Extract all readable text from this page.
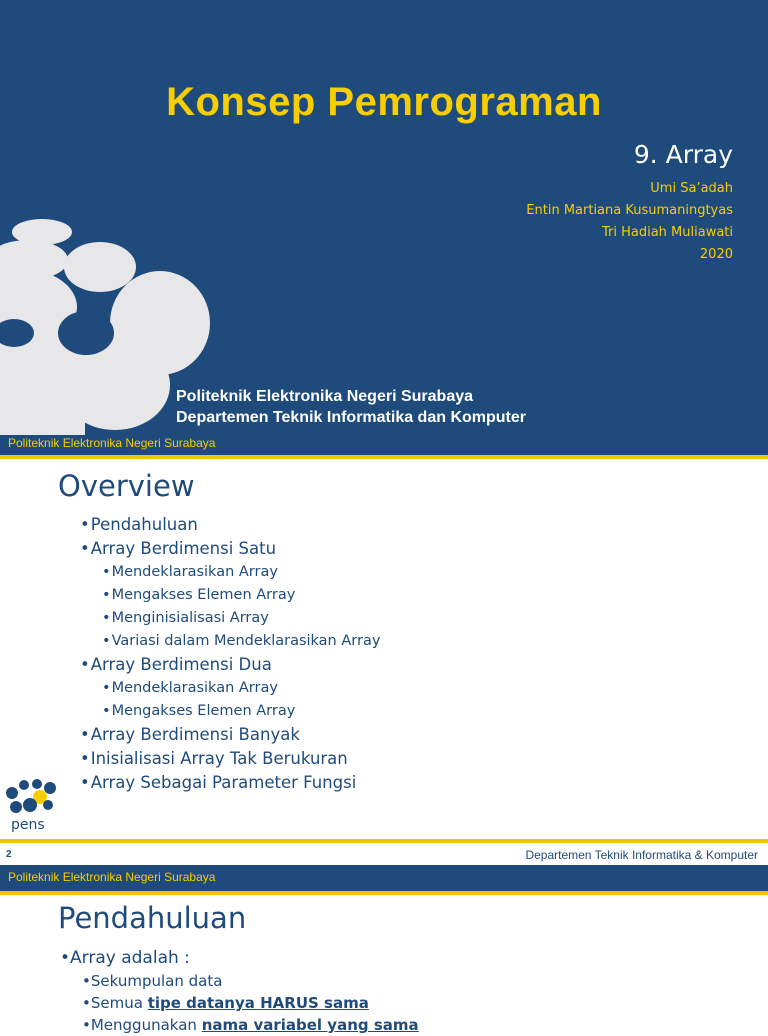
Konsep Pemrograman
9. Array
Umi Sa’adah
Entin Martiana Kusumaningtyas
Tri Hadiah Muliawati
2020
Politeknik Elektronika Negeri Surabaya
Departemen Teknik Informatika dan Komputer
Politeknik Elektronika Negeri Surabaya
Overview
•Pendahuluan
•Array Berdimensi Satu
•Mendeklarasikan Array
•Mengakses Elemen Array
•Menginisialisasi Array
•Variasi dalam Mendeklarasikan Array
•Array Berdimensi Dua
•Mendeklarasikan Array
•Mengakses Elemen Array
•Array Berdimensi Banyak
•Inisialisasi Array Tak Berukuran
•Array Sebagai Parameter Fungsi
pens
2	Departemen Teknik Informatika & Komputer
Politeknik Elektronika Negeri Surabaya
Pendahuluan
•Array adalah :
•Sekumpulan data
•Semua tipe datanya HARUS sama
•Menggunakan nama variabel yang sama
